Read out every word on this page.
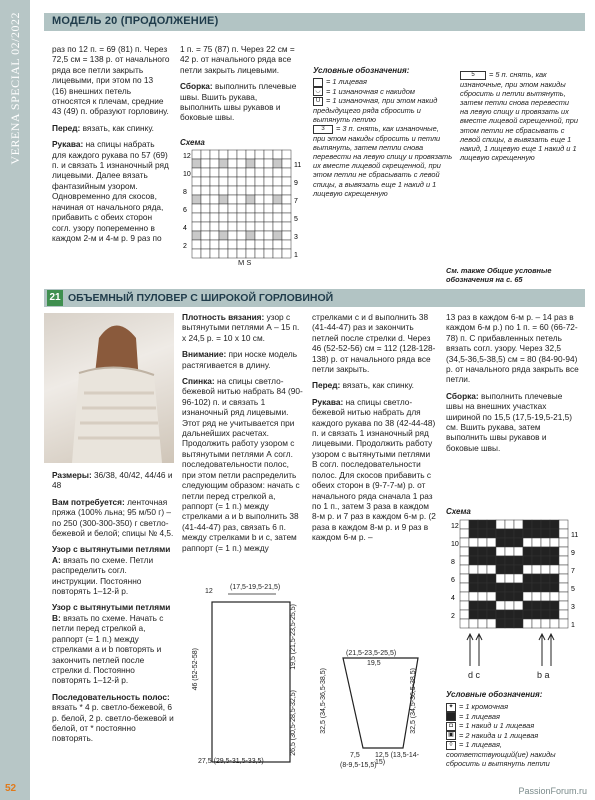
VERENA SPECIAL 02/2022
52
МОДЕЛЬ 20 (ПРОДОЛЖЕНИЕ)

раз по 12 п. = 69 (81) п. Через 72,5 см = 138 р. от начального ряда все петли закрыть лицевыми, при этом по 13 (16) внешних петель относятся к плечам, средние 43 (49) п. образуют горловину.

Перед: вязать, как спинку.

Рукава: на спицы набрать для каждого рукава по 57 (69) п. и связать 1 изнаночный ряд лицевыми. Далее вязать фантазийным узором. Одновременно для скосов, начиная от начального ряда, прибавить с обеих сторон согл. узору попеременно в каждом 2-м и 4-м р. 9 раз по

1 п. = 75 (87) п. Через 22 см = 42 р. от начального ряда все петли закрыть лицевыми.

Сборка: выполнить плечевые швы. Вшить рукава, выполнить швы рукавов и боковые швы.

Схема
12
10
8
6
4
2
11
9
7
5
3
1
М S
Условные обозначения:
= 1 лицевая
◡ = 1 изнаночная с накидом
U = 1 изнаночная, при этом накид предыдущего ряда сбросить и вытянуть петлю
3 = 3 п. снять, как изнаночные, при этом накиды сбросить и петли вытянуть, затем петли снова перевести на левую спицу и провязать их вместе лицевой скрещенной, при этом петли не сбрасывать с левой спицы, а вывязать еще 1 накид и 1 лицевую скрещенную
5 = 5 п. снять, как изнаночные, при этом накиды сбросить и петли вытянуть, затем петли снова перевести на левую спицу и провязать их вместе лицевой скрещенной, при этом петли не сбрасывать с левой спицы, а вывязать еще 1 накид, 1 лицевую еще 1 накид и 1 лицевую скрещенную
См. также Общие условные обозначения на с. 65
21 ОБЪЕМНЫЙ ПУЛОВЕР С ШИРОКОЙ ГОРЛОВИНОЙ

Размеры: 36/38, 40/42, 44/46 и 48

Вам потребуется: ленточная пряжа (100% льна; 95 м/50 г) – по 250 (300-300-350) г светло-бежевой и белой; спицы № 4,5.

Узор с вытянутыми петлями А: вязать по схеме. Петли распределить согл. инструкции. Постоянно повторять 1–12-й р.

Узор с вытянутыми петлями В: вязать по схеме. Начать с петли перед стрелкой а, раппорт (= 1 п.) между стрелками a и b повторять и закончить петлей после стрелки d. Постоянно повторять 1–12-й р.

Последовательность полос: вязать * 4 р. светло-бежевой, 6 р. белой, 2 р. светло-бежевой и белой, от * постоянно повторять.

Плотность вязания: узор с вытянутыми петлями А – 15 п. х 24,5 р. = 10 х 10 см.

Внимание: при носке модель растягивается в длину.

Спинка: на спицы светло-бежевой нитью набрать 84 (90-96-102) п. и связать 1 изнаночный ряд лицевыми. Этот ряд не учитывается при дальнейших расчетах. Продолжить работу узором с вытянутыми петлями А согл. последовательности полос, при этом петли распределить следующим образом: начать с петли перед стрелкой a, раппорт (= 1 п.) между стрелками a и b выполнить 38 (41-44-47) раз, связать 6 п. между стрелками b и c, затем раппорт (= 1 п.) между

стрелками c и d выполнить 38 (41-44-47) раз и закончить петлей после стрелки d. Через 46 (52-52-56) см = 112 (128-128-138) р. от начального ряда все петли закрыть.

Перед: вязать, как спинку.

Рукава: на спицы светло-бежевой нитью набрать для каждого рукава по 38 (42-44-48) п. и связать 1 изнаночный ряд лицевыми. Продолжить работу узором с вытянутыми петлями В согл. последовательности полос. Для скосов прибавить с обеих сторон в (9-7-7-м) р. от начального ряда сначала 1 раз по 1 п., затем 3 раза в каждом 8-м р. и 7 раз в каждом 6-м р. (2 раза в каждом 8-м р. и 9 раз в каждом 6-м р. –

13 раз в каждом 6-м р. – 14 раз в каждом 6-м р.) по 1 п. = 60 (66-72-78) п. С прибавленных петель вязать согл. узору. Через 32,5 (34,5-36,5-38,5) см = 80 (84-90-94) р. от начального ряда закрыть все петли.

Сборка: выполнить плечевые швы на внешних участках шириной по 15,5 (17,5-19,5-21,5) см. Вшить рукава, затем выполнить швы рукавов и боковые швы.

Схема
12
10
8
6
4
2
11
9
7
5
3
1
d c	b a
Условные обозначения:
✦ = 1 кромочная
= 1 лицевая
◘ = 1 накид и 1 лицевая
▣ = 2 накида и 1 лицевая
◊ = 1 лицевая, соответствующий(ие) накиды сбросить и вытянуть петли
12
(17,5-19,5-21,5)
46 (52-52-58)	19,5 (21,5-23,5-25,5)
26,5 (30,5-28,5-32,5)
27,5 (29,5-31,5-33,5)
(21,5-23,5-25,5)
19,5
32,5 (34,5-36,5-38,5)	32,5 (34,5-36,5-38,5)
7,5
(8-9,5-15,5)
12,5 (13,5-14-15)
PassionForum.ru
